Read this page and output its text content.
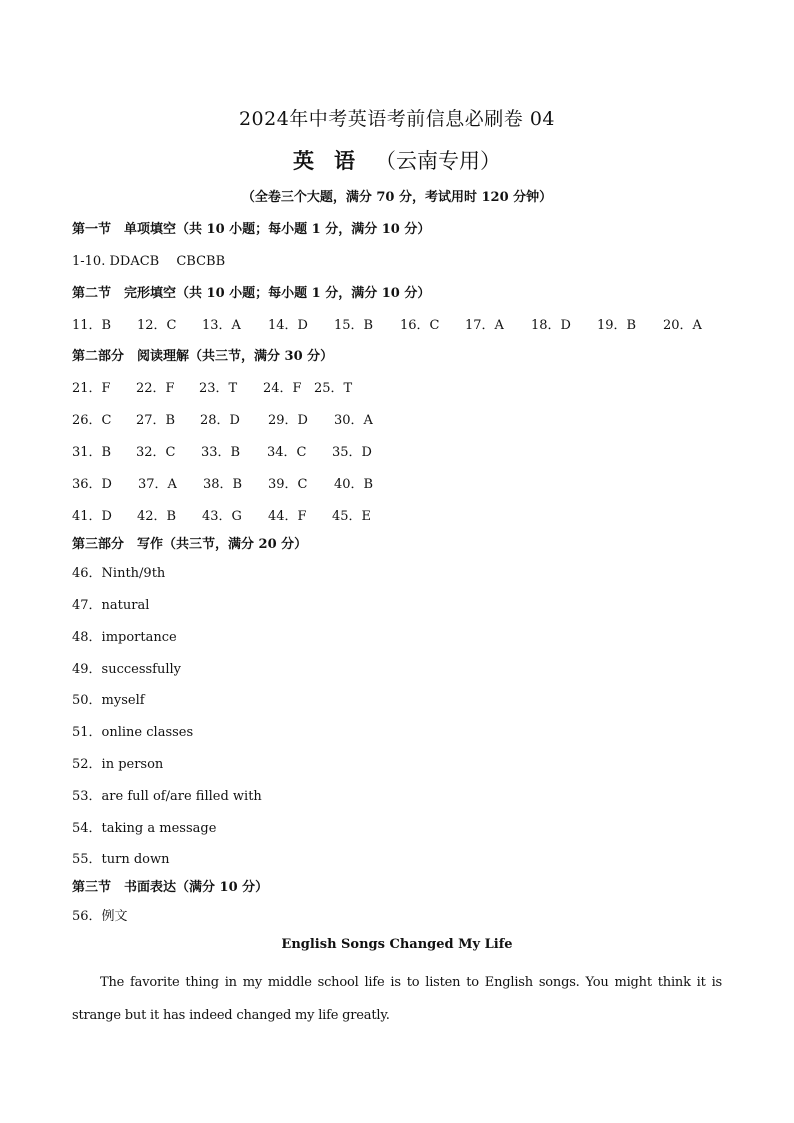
2024年中考英语考前信息必刷卷 04
英语（云南专用）
（全卷三个大题，满分 70 分，考试用时 120 分钟）
第一节　单项填空（共 10 小题；每小题 1 分，满分 10 分）
1-10. DDACB　 CBCBB
第二节　完形填空（共 10 小题；每小题 1 分，满分 10 分）
11．B 12．C 13．A 14．D 15．B 16．C 17．A 18．D 19．B 20．A
第二部分　阅读理解（共三节，满分 30 分）
21．F 22．F 23．T 24．F 25．T
26．C 27．B 28．D 29．D 30．A
31．B 32．C 33．B 34．C 35．D
36．D 37．A 38．B 39．C 40．B
41．D 42．B 43．G 44．F 45．E
第三部分　写作（共三节，满分 20 分）
46．Ninth/9th
47．natural
48．importance
49．successfully
50．myself
51．online classes
52．in person
53．are full of/are filled with
54．taking a message
55．turn down
第三节　书面表达（满分 10 分）
56．例文
English Songs Changed My Life
The favorite thing in my middle school life is to listen to English songs. You might think it is strange but it has indeed changed my life greatly.
